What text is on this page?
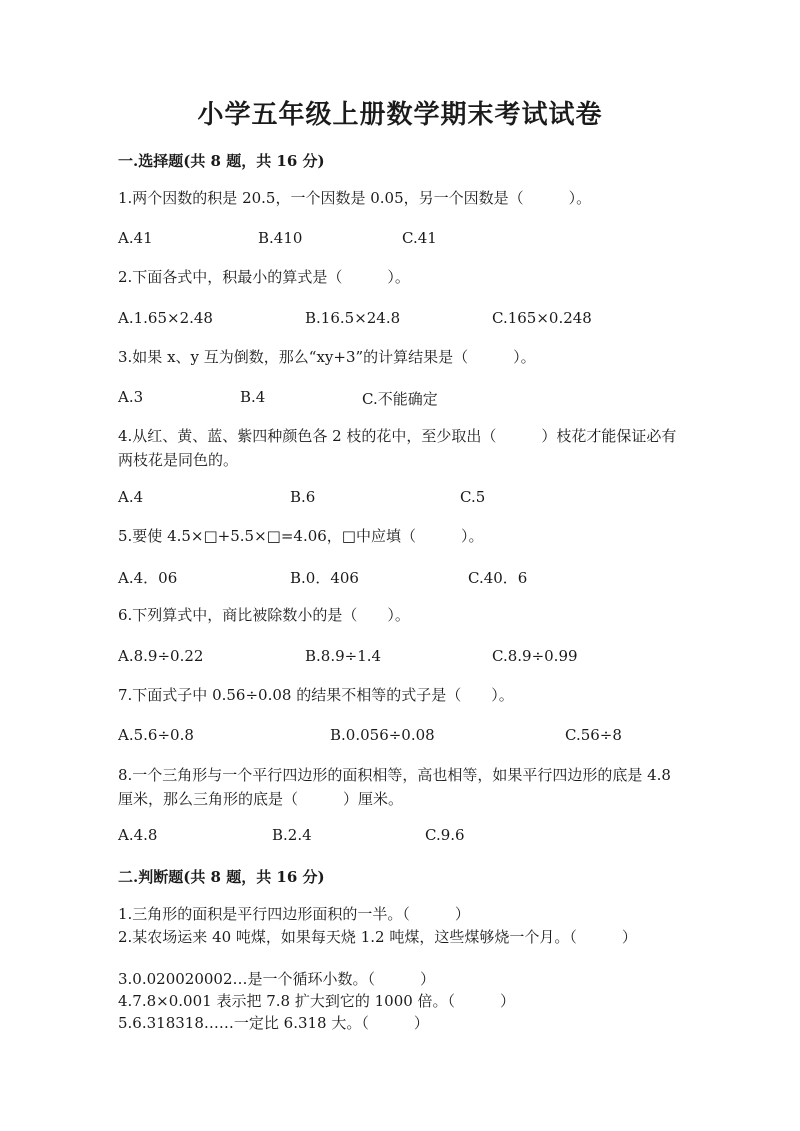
小学五年级上册数学期末考试试卷
一.选择题(共 8 题，共 16 分)
1.两个因数的积是 20.5，一个因数是 0.05，另一个因数是（　　　）。
A.41	B.410	C.41
2.下面各式中，积最小的算式是（　　　）。
A.1.65×2.48	B.16.5×24.8	C.165×0.248
3.如果 x、y 互为倒数，那么“xy+3”的计算结果是（　　　）。
A.3	B.4	C.不能确定
4.从红、黄、蓝、紫四种颜色各 2 枝的花中，至少取出（　　　）枝花才能保证必有两枝花是同色的。
A.4	B.6	C.5
5.要使 4.5×□+5.5×□=4.06，□中应填（　　　）。
A.4．06	B.0．406	C.40．6
6.下列算式中，商比被除数小的是（　　）。
A.8.9÷0.22	B.8.9÷1.4	C.8.9÷0.99
7.下面式子中 0.56÷0.08 的结果不相等的式子是（　　）。
A.5.6÷0.8	B.0.056÷0.08	C.56÷8
8.一个三角形与一个平行四边形的面积相等，高也相等，如果平行四边形的底是 4.8 厘米，那么三角形的底是（　　　）厘米。
A.4.8	B.2.4	C.9.6
二.判断题(共 8 题，共 16 分)
1.三角形的面积是平行四边形面积的一半。（　　　）
2.某农场运来 40 吨煤，如果每天烧 1.2 吨煤，这些煤够烧一个月。（　　　）
3.0.020020002…是一个循环小数。（　　　）
4.7.8×0.001 表示把 7.8 扩大到它的 1000 倍。（　　　）
5.6.318318……一定比 6.318 大。（　　　）
